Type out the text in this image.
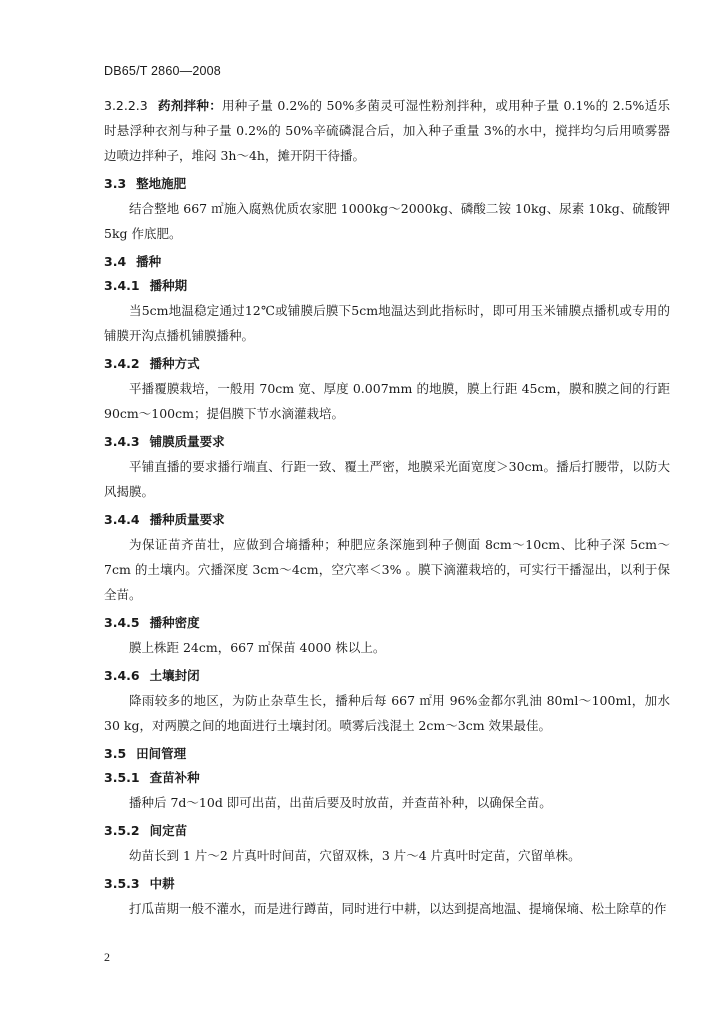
DB65/T 2860—2008

3.2.2.3 药剂拌种：用种子量 0.2%的 50%多菌灵可湿性粉剂拌种，或用种子量 0.1%的 2.5%适乐时悬浮种衣剂与种子量 0.2%的 50%辛硫磷混合后，加入种子重量 3%的水中，搅拌均匀后用喷雾器边喷边拌种子，堆闷 3h～4h，摊开阴干待播。

3.3 整地施肥

结合整地 667 ㎡施入腐熟优质农家肥 1000kg～2000kg、磷酸二铵 10kg、尿素 10kg、硫酸钾 5kg 作底肥。

3.4 播种

3.4.1 播种期

当5cm地温稳定通过12℃或铺膜后膜下5cm地温达到此指标时，即可用玉米铺膜点播机或专用的铺膜开沟点播机铺膜播种。

3.4.2 播种方式

平播覆膜栽培，一般用 70cm 宽、厚度 0.007mm 的地膜，膜上行距 45cm，膜和膜之间的行距 90cm～100cm；提倡膜下节水滴灌栽培。

3.4.3 铺膜质量要求

平铺直播的要求播行端直、行距一致、覆土严密，地膜采光面宽度＞30cm。播后打腰带，以防大风揭膜。

3.4.4 播种质量要求

为保证苗齐苗壮，应做到合墒播种；种肥应条深施到种子侧面 8cm～10cm、比种子深 5cm～7cm 的土壤内。穴播深度 3cm～4cm，空穴率＜3% 。膜下滴灌栽培的，可实行干播湿出，以利于保全苗。

3.4.5 播种密度

膜上株距 24cm，667 ㎡保苗 4000 株以上。

3.4.6 土壤封闭

降雨较多的地区，为防止杂草生长，播种后每 667 ㎡用 96%金都尔乳油 80ml～100ml，加水 30 kg，对两膜之间的地面进行土壤封闭。喷雾后浅混土 2cm～3cm 效果最佳。

3.5 田间管理

3.5.1 查苗补种

播种后 7d～10d 即可出苗，出苗后要及时放苗，并查苗补种，以确保全苗。

3.5.2 间定苗

幼苗长到 1 片～2 片真叶时间苗，穴留双株，3 片～4 片真叶时定苗，穴留单株。

3.5.3 中耕

打瓜苗期一般不灌水，而是进行蹲苗，同时进行中耕，以达到提高地温、提墒保墒、松土除草的作

2
